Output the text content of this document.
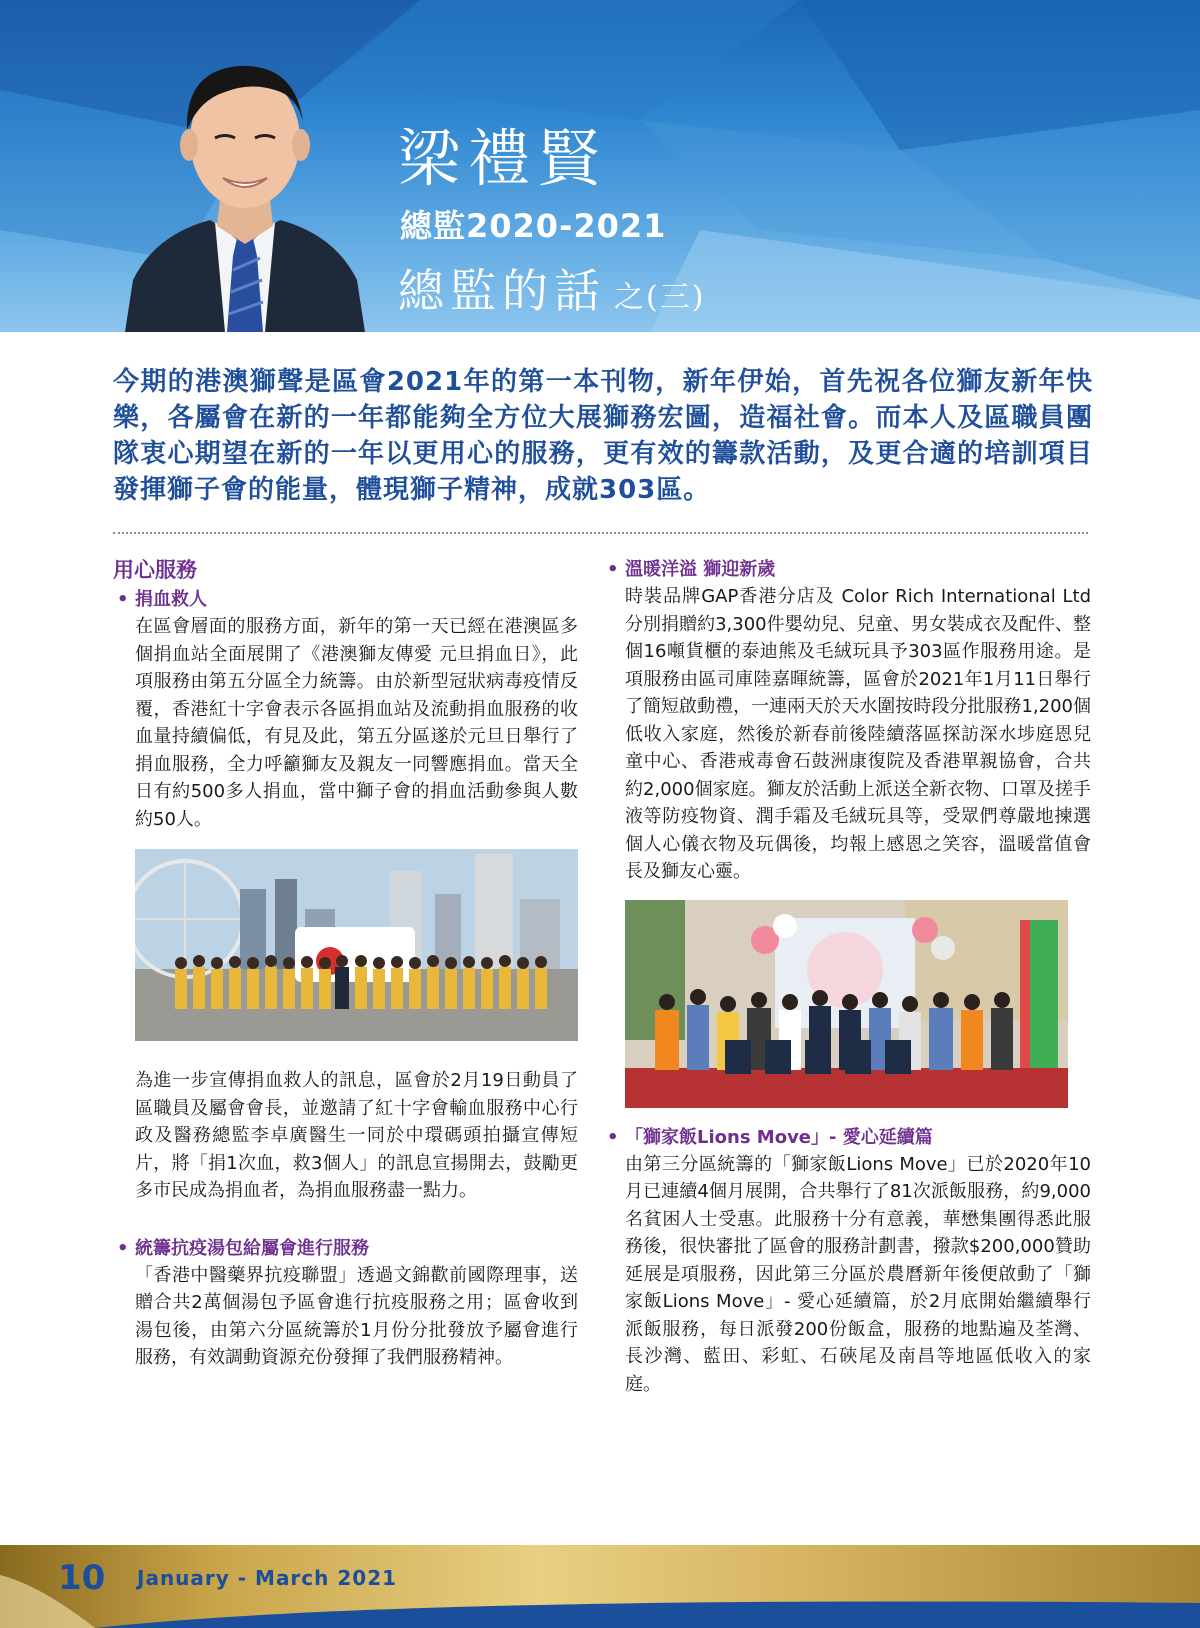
梁禮賢
總監2020-2021
總監的話 之(三)

今期的港澳獅聲是區會2021年的第一本刊物，新年伊始，首先祝各位獅友新年快樂，各屬會在新的一年都能夠全方位大展獅務宏圖，造福社會。而本人及區職員團隊衷心期望在新的一年以更用心的服務，更有效的籌款活動，及更合適的培訓項目發揮獅子會的能量，體現獅子精神，成就303區。

用心服務
• 捐血救人

在區會層面的服務方面，新年的第一天已經在港澳區多個捐血站全面展開了《港澳獅友傳愛 元旦捐血日》，此項服務由第五分區全力統籌。由於新型冠狀病毒疫情反覆，香港紅十字會表示各區捐血站及流動捐血服務的收血量持續偏低，有見及此，第五分區遂於元旦日舉行了捐血服務，全力呼籲獅友及親友一同響應捐血。當天全日有約500多人捐血，當中獅子會的捐血活動參與人數約50人。

為進一步宣傳捐血救人的訊息，區會於2月19日動員了區職員及屬會會長，並邀請了紅十字會輸血服務中心行政及醫務總監李卓廣醫生一同於中環碼頭拍攝宣傳短片，將「捐1次血，救3個人」的訊息宣揚開去，鼓勵更多市民成為捐血者，為捐血服務盡一點力。

• 統籌抗疫湯包給屬會進行服務

「香港中醫藥界抗疫聯盟」透過文錦歡前國際理事，送贈合共2萬個湯包予區會進行抗疫服務之用；區會收到湯包後，由第六分區統籌於1月份分批發放予屬會進行服務，有效調動資源充份發揮了我們服務精神。

• 溫暖洋溢 獅迎新歲

時裝品牌GAP香港分店及 Color Rich International Ltd 分別捐贈約3,300件嬰幼兒、兒童、男女裝成衣及配件、整個16噸貨櫃的泰迪熊及毛絨玩具予303區作服務用途。是項服務由區司庫陸嘉暉統籌，區會於2021年1月11日舉行了簡短啟動禮，一連兩天於天水圍按時段分批服務1,200個低收入家庭，然後於新春前後陸續落區探訪深水埗庭恩兒童中心、香港戒毒會石鼓洲康復院及香港單親協會，合共約2,000個家庭。獅友於活動上派送全新衣物、口罩及搓手液等防疫物資、潤手霜及毛絨玩具等，受眾們尊嚴地揀選個人心儀衣物及玩偶後，均報上感恩之笑容，溫暖當值會長及獅友心靈。

• 「獅家飯Lions Move」- 愛心延續篇

由第三分區統籌的「獅家飯Lions Move」已於2020年10月已連續4個月展開，合共舉行了81次派飯服務，約9,000名貧困人士受惠。此服務十分有意義，華懋集團得悉此服務後，很快審批了區會的服務計劃書，撥款$200,000贊助延展是項服務，因此第三分區於農曆新年後便啟動了「獅家飯Lions Move」- 愛心延續篇，於2月底開始繼續舉行派飯服務，每日派發200份飯盒，服務的地點遍及荃灣、長沙灣、藍田、彩虹、石硤尾及南昌等地區低收入的家庭。

10 January - March 2021
